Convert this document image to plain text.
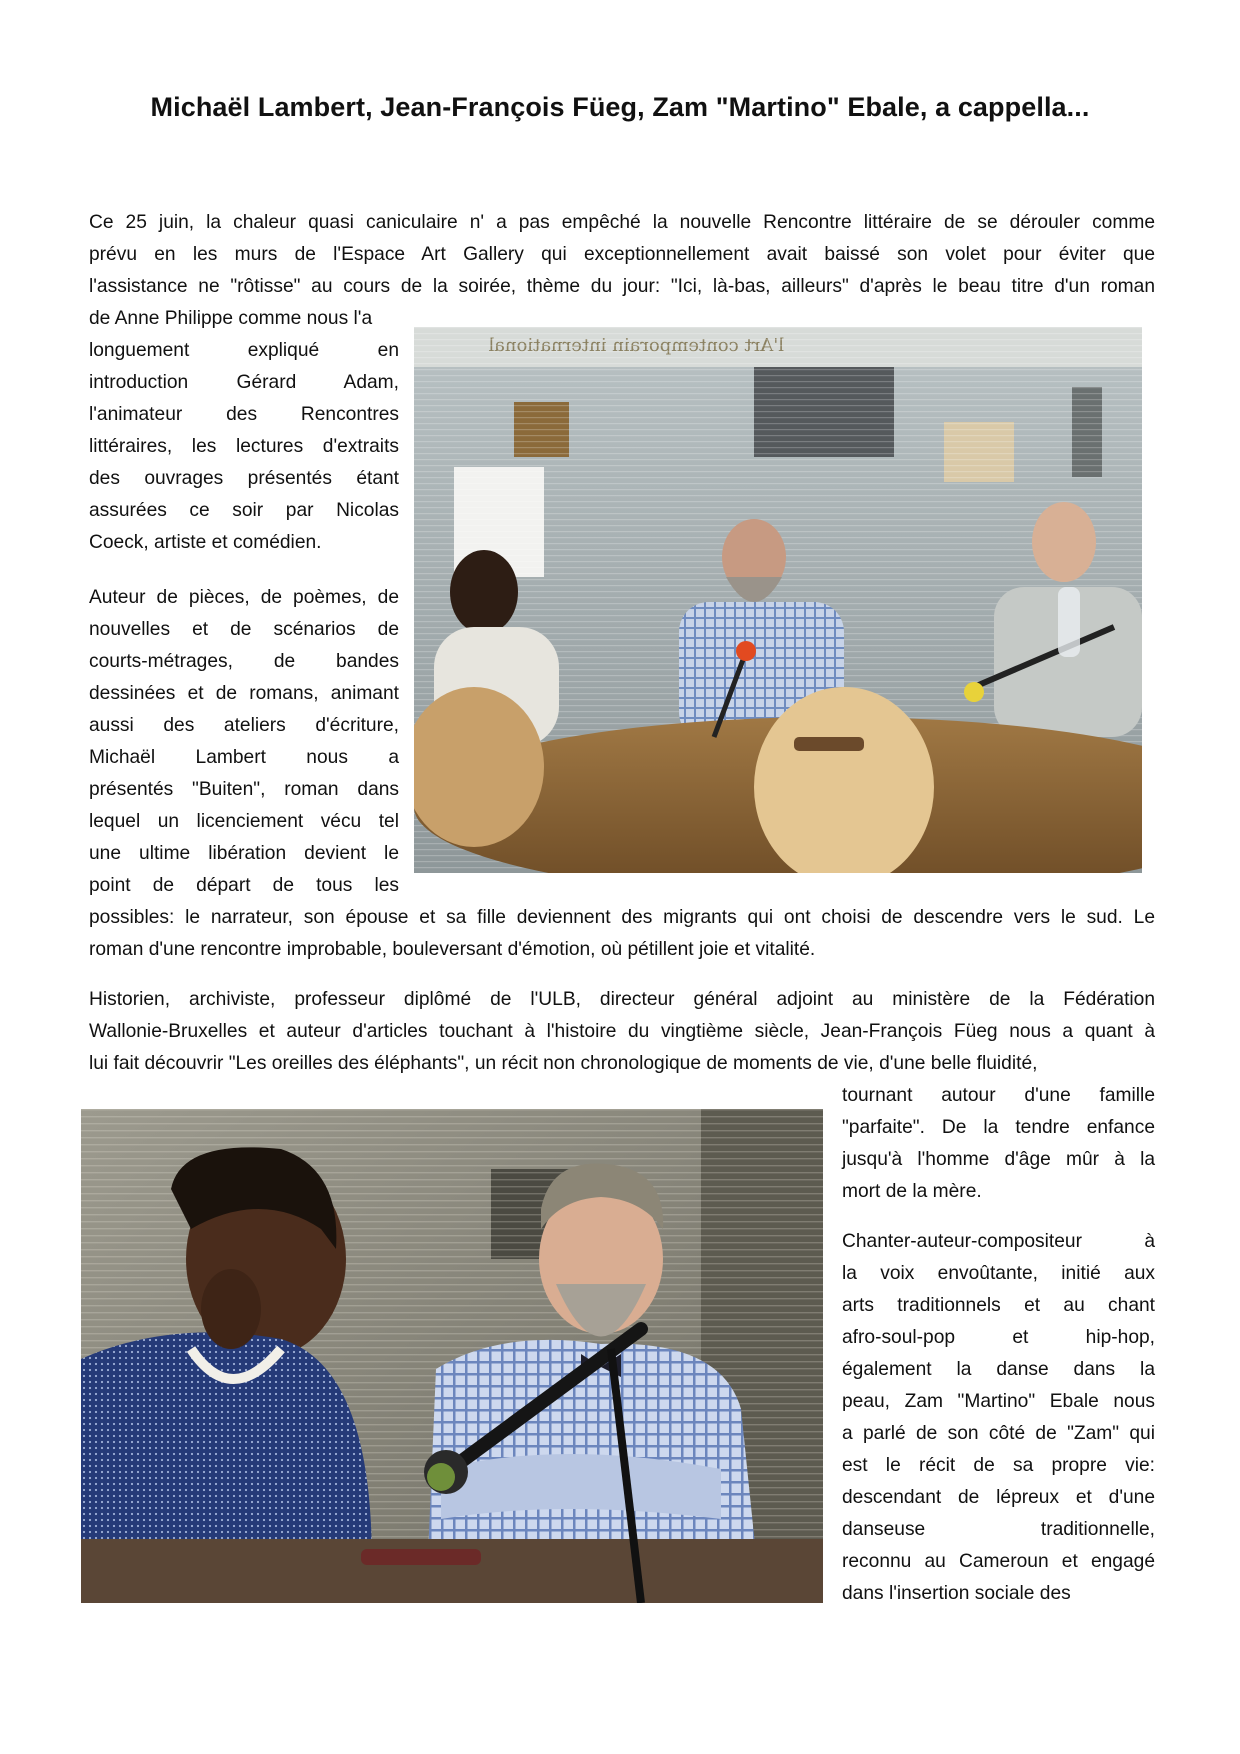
Michaël Lambert, Jean-François Füeg, Zam "Martino" Ebale, a cappella...
Ce 25 juin, la chaleur quasi caniculaire n' a pas empêché la nouvelle Rencontre littéraire de se dérouler comme
prévu en les murs de l'Espace Art Gallery qui exceptionnellement avait baissé son volet pour éviter que
l'assistance ne "rôtisse" au cours de la soirée, thème du jour: "Ici, là-bas, ailleurs" d'après le beau titre d'un roman
de Anne Philippe comme nous l'a
longuement expliqué en
introduction Gérard Adam,
l'animateur des Rencontres
littéraires, les lectures d'extraits
des ouvrages présentés étant
assurées ce soir par Nicolas
Coeck, artiste et comédien.
Auteur de pièces, de poèmes, de
nouvelles et de scénarios de
courts-métrages, de bandes
dessinées et de romans, animant
aussi des ateliers d'écriture,
Michaël Lambert nous a
présentés "Buiten", roman dans
lequel un licenciement vécu tel
une ultime libération devient le
point de départ de tous les
possibles: le narrateur, son épouse et sa fille deviennent des migrants qui ont choisi de descendre vers le sud. Le
roman d'une rencontre improbable, bouleversant d'émotion, où pétillent joie et vitalité.
Historien, archiviste, professeur diplômé de l'ULB, directeur général adjoint au ministère de la Fédération
Wallonie-Bruxelles et auteur d'articles touchant à l'histoire du vingtième siècle, Jean-François Füeg nous a quant à
lui fait découvrir "Les oreilles des éléphants", un récit non chronologique de moments de vie, d'une belle fluidité,
tournant autour d'une famille
"parfaite". De la tendre enfance
jusqu'à l'homme d'âge mûr à la
mort de la mère.
Chanter-auteur-compositeur à
la voix envoûtante, initié aux
arts traditionnels et au chant
afro-soul-pop et hip-hop,
également la danse dans la
peau, Zam "Martino" Ebale nous
a parlé de son côté de "Zam" qui
est le récit de sa propre vie:
descendant de lépreux et d'une
danseuse traditionnelle,
reconnu au Cameroun et engagé
dans l'insertion sociale des
